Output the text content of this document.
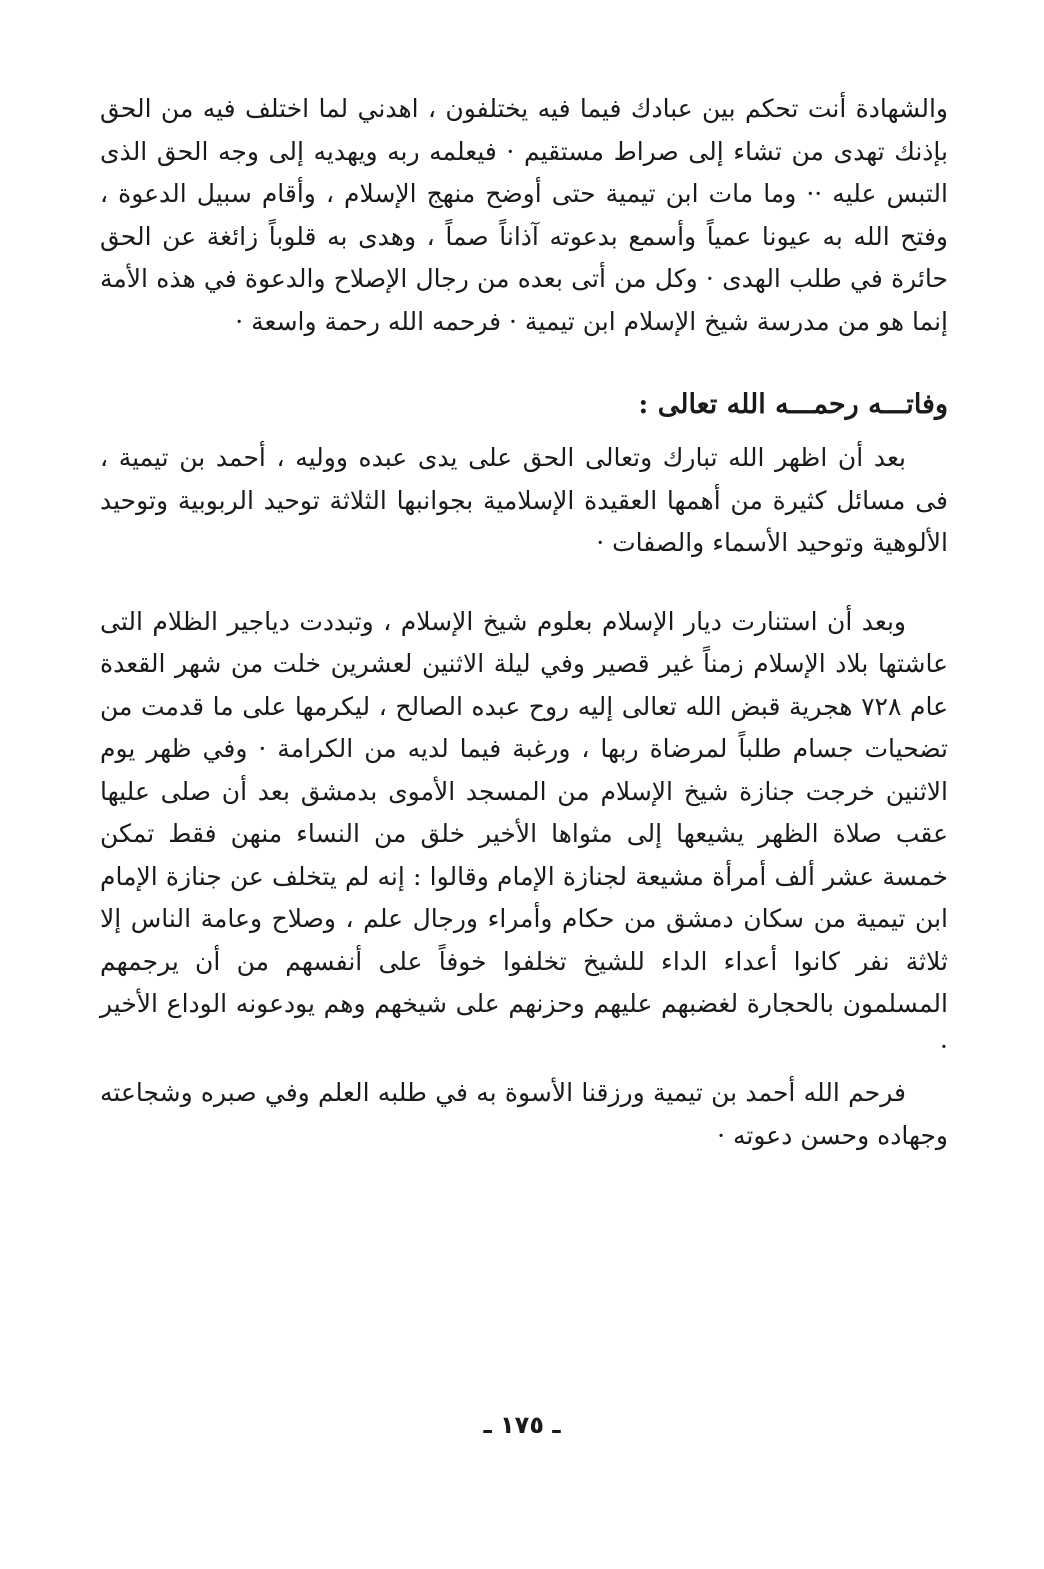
والشهادة أنت تحكم بين عبادك فيما فيه يختلفون ، اهدني لما اختلف فيه من الحق بإذنك تهدى من تشاء إلى صراط مستقيم · فيعلمه ربه ويهديه إلى وجه الحق الذى التبس عليه ·· وما مات ابن تيمية حتى أوضح منهج الإسلام ، وأقام سبيل الدعوة ، وفتح الله به عيونا عمياً وأسمع بدعوته آذاناً صماً ، وهدى به قلوباً زائغة عن الحق حائرة في طلب الهدى · وكل من أتى بعده من رجال الإصلاح والدعوة في هذه الأمة إنما هو من مدرسة شيخ الإسلام ابن تيمية · فرحمه الله رحمة واسعة ·

وفاتـــه رحمـــه الله تعالى :

بعد أن اظهر الله تبارك وتعالى الحق على يدى عبده ووليه ، أحمد بن تيمية ، فى مسائل كثيرة من أهمها العقيدة الإسلامية بجوانبها الثلاثة توحيد الربوبية وتوحيد الألوهية وتوحيد الأسماء والصفات ·

وبعد أن استنارت ديار الإسلام بعلوم شيخ الإسلام ، وتبددت دياجير الظلام التى عاشتها بلاد الإسلام زمناً غير قصير وفي ليلة الاثنين لعشرين خلت من شهر القعدة عام ٧٢٨ هجرية قبض الله تعالى إليه روح عبده الصالح ، ليكرمها على ما قدمت من تضحيات جسام طلباً لمرضاة ربها ، ورغبة فيما لديه من الكرامة · وفي ظهر يوم الاثنين خرجت جنازة شيخ الإسلام من المسجد الأموى بدمشق بعد أن صلى عليها عقب صلاة الظهر يشيعها إلى مثواها الأخير خلق من النساء منهن فقط تمكن خمسة عشر ألف أمرأة مشيعة لجنازة الإمام وقالوا : إنه لم يتخلف عن جنازة الإمام ابن تيمية من سكان دمشق من حكام وأمراء ورجال علم ، وصلاح وعامة الناس إلا ثلاثة نفر كانوا أعداء الداء للشيخ تخلفوا خوفاً على أنفسهم من أن يرجمهم المسلمون بالحجارة لغضبهم عليهم وحزنهم على شيخهم وهم يودعونه الوداع الأخير ·

فرحم الله أحمد بن تيمية ورزقنا الأسوة به في طلبه العلم وفي صبره وشجاعته وجهاده وحسن دعوته ·

ـ ١٧٥ ـ
